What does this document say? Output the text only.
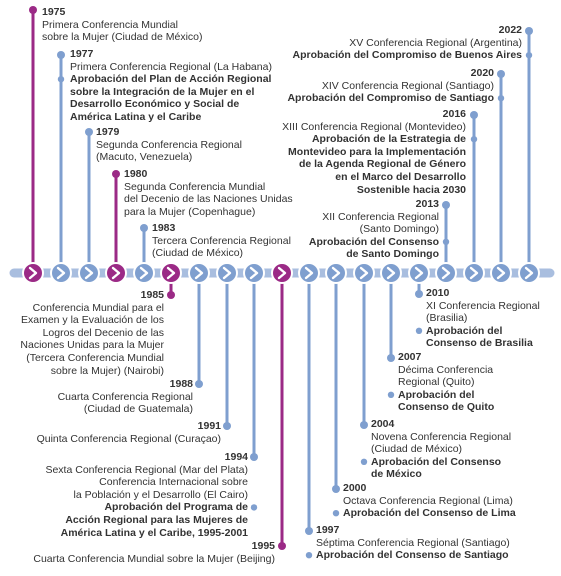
1975
Primera Conferencia Mundial
sobre la Mujer (Ciudad de México)
1977
Primera Conferencia Regional (La Habana)
Aprobación del Plan de Acción Regional
sobre la Integración de la Mujer en el
Desarrollo Económico y Social de
América Latina y el Caribe
1979
Segunda Conferencia Regional
(Macuto, Venezuela)
1980
Segunda Conferencia Mundial
del Decenio de las Naciones Unidas
para la Mujer (Copenhague)
1983
Tercera Conferencia Regional
(Ciudad de México)
1985
Conferencia Mundial para el
Examen y la Evaluación de los
Logros del Decenio de las
Naciones Unidas para la Mujer
(Tercera Conferencia Mundial
sobre la Mujer) (Nairobi)
1988
Cuarta Conferencia Regional
(Ciudad de Guatemala)
1991
Quinta Conferencia Regional (Curaçao)
1994
Sexta Conferencia Regional (Mar del Plata)
Conferencia Internacional sobre
la Población y el Desarrollo (El Cairo)
Aprobación del Programa de
Acción Regional para las Mujeres de
América Latina y el Caribe, 1995-2001
1995
Cuarta Conferencia Mundial sobre la Mujer (Beijing)
1997
Séptima Conferencia Regional (Santiago)
Aprobación del Consenso de Santiago
2000
Octava Conferencia Regional (Lima)
Aprobación del Consenso de Lima
2004
Novena Conferencia Regional
(Ciudad de México)
Aprobación del Consenso
de México
2007
Décima Conferencia
Regional (Quito)
Aprobación del
Consenso de Quito
2010
XI Conferencia Regional
(Brasilia)
Aprobación del
Consenso de Brasilia
2013
XII Conferencia Regional
(Santo Domingo)
Aprobación del Consenso
de Santo Domingo
2016
XIII Conferencia Regional (Montevideo)
Aprobación de la Estrategia de
Montevideo para la Implementación
de la Agenda Regional de Género
en el Marco del Desarrollo
Sostenible hacia 2030
2020
XIV Conferencia Regional (Santiago)
Aprobación del Compromiso de Santiago
2022
XV Conferencia Regional (Argentina)
Aprobación del Compromiso de Buenos Aires
